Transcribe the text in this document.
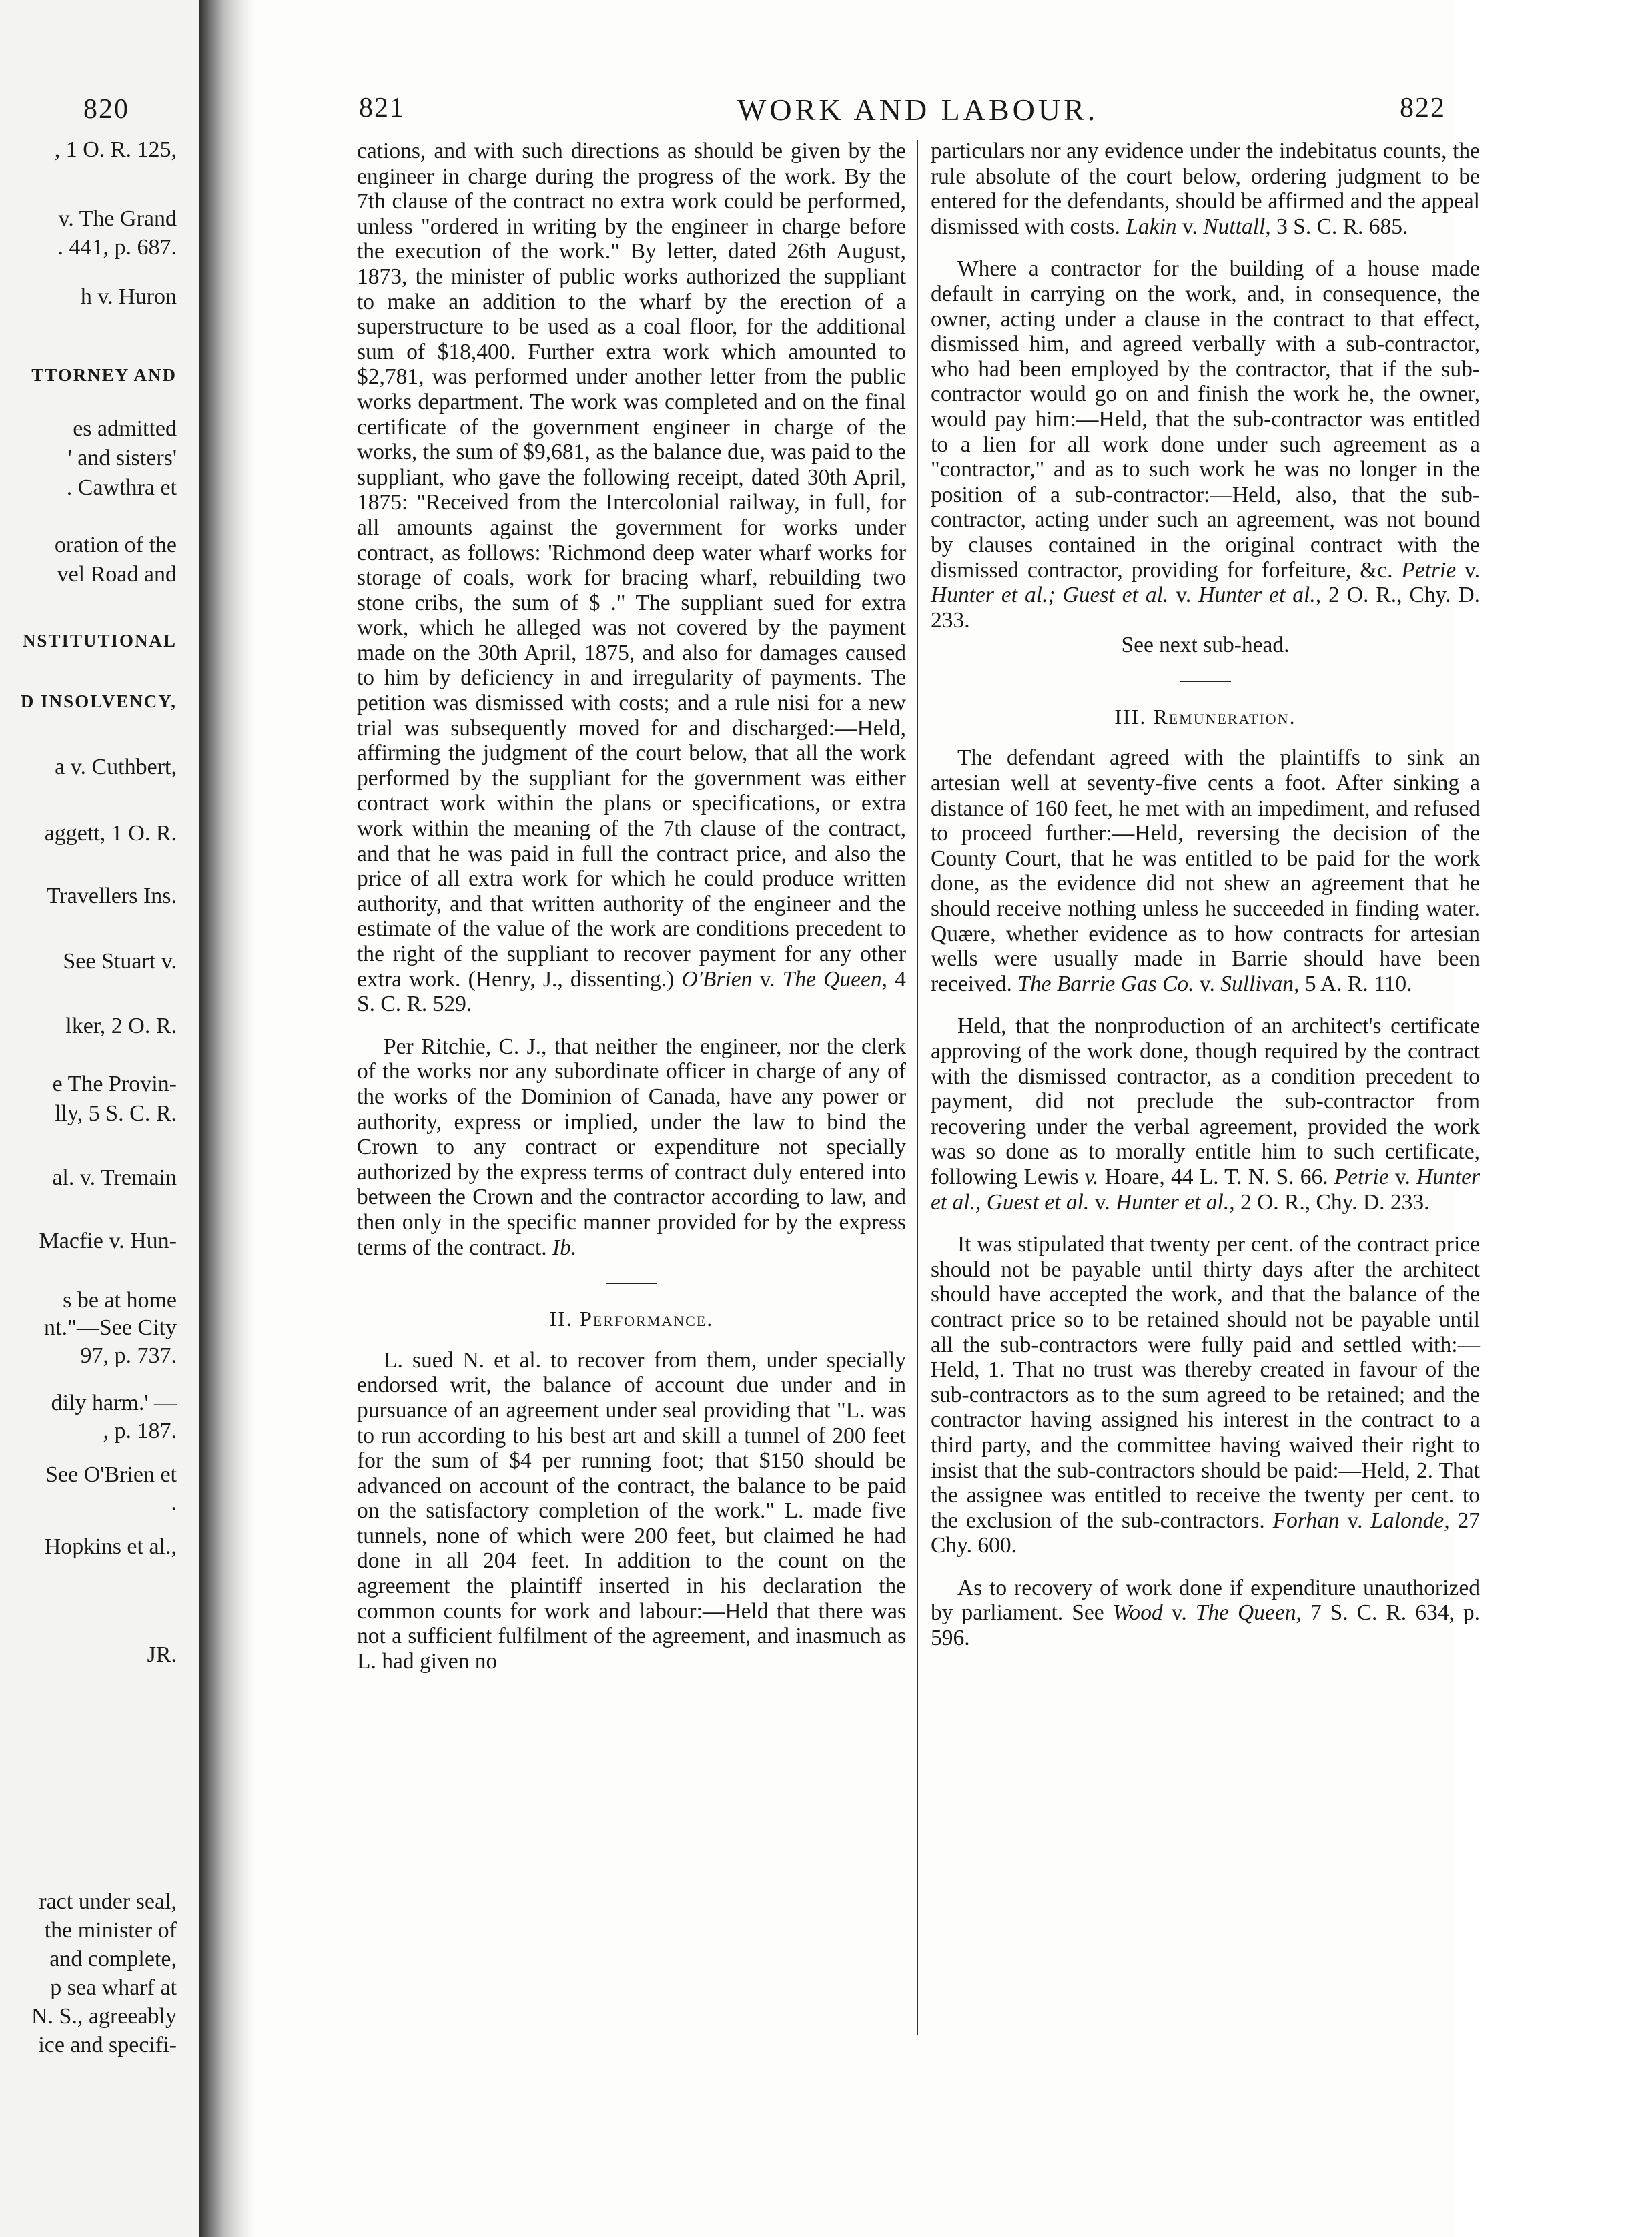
820
, 1 O. R. 125,
v. The Grand
. 441, p. 687.
h v. Huron
TTORNEY AND
es admitted
' and sisters'
. Cawthra et
oration of the
vel Road and
NSTITUTIONAL
D INSOLVENCY,
a v. Cuthbert,
aggett, 1 O. R.
Travellers Ins.
See Stuart v.
lker, 2 O. R.
e The Provin-
lly, 5 S. C. R.
al. v. Tremain
Macfie v. Hun-
s be at home
nt."—See City
97, p. 737.
dily harm.' —
, p. 187.
See O'Brien et
.
Hopkins et al.,
JR.
ract under seal,
the minister of
and complete,
p sea wharf at
N. S., agreeably
ice and specifi-
821	WORK AND LABOUR.	822

cations, and with such directions as should be given by the engineer in charge during the progress of the work. By the 7th clause of the contract no extra work could be performed, unless "ordered in writing by the engineer in charge before the execution of the work." By letter, dated 26th August, 1873, the minister of public works authorized the suppliant to make an addition to the wharf by the erection of a superstructure to be used as a coal floor, for the additional sum of $18,400. Further extra work which amounted to $2,781, was performed under another letter from the public works department. The work was completed and on the final certificate of the government engineer in charge of the works, the sum of $9,681, as the balance due, was paid to the suppliant, who gave the following receipt, dated 30th April, 1875: "Received from the Intercolonial railway, in full, for all amounts against the government for works under contract, as follows: 'Richmond deep water wharf works for storage of coals, work for bracing wharf, rebuilding two stone cribs, the sum of $ ." The suppliant sued for extra work, which he alleged was not covered by the payment made on the 30th April, 1875, and also for damages caused to him by deficiency in and irregularity of payments. The petition was dismissed with costs; and a rule nisi for a new trial was subsequently moved for and discharged:—Held, affirming the judgment of the court below, that all the work performed by the suppliant for the government was either contract work within the plans or specifications, or extra work within the meaning of the 7th clause of the contract, and that he was paid in full the contract price, and also the price of all extra work for which he could produce written authority, and that written authority of the engineer and the estimate of the value of the work are conditions precedent to the right of the suppliant to recover payment for any other extra work. (Henry, J., dissenting.) O'Brien v. The Queen, 4 S. C. R. 529.

Per Ritchie, C. J., that neither the engineer, nor the clerk of the works nor any subordinate officer in charge of any of the works of the Dominion of Canada, have any power or authority, express or implied, under the law to bind the Crown to any contract or expenditure not specially authorized by the express terms of contract duly entered into between the Crown and the contractor according to law, and then only in the specific manner provided for by the express terms of the contract. Ib.

II. Performance.

L. sued N. et al. to recover from them, under specially endorsed writ, the balance of account due under and in pursuance of an agreement under seal providing that "L. was to run according to his best art and skill a tunnel of 200 feet for the sum of $4 per running foot; that $150 should be advanced on account of the contract, the balance to be paid on the satisfactory completion of the work." L. made five tunnels, none of which were 200 feet, but claimed he had done in all 204 feet. In addition to the count on the agreement the plaintiff inserted in his declaration the common counts for work and labour:—Held that there was not a sufficient fulfilment of the agreement, and inasmuch as L. had given no

particulars nor any evidence under the indebitatus counts, the rule absolute of the court below, ordering judgment to be entered for the defendants, should be affirmed and the appeal dismissed with costs. Lakin v. Nuttall, 3 S. C. R. 685.

Where a contractor for the building of a house made default in carrying on the work, and, in consequence, the owner, acting under a clause in the contract to that effect, dismissed him, and agreed verbally with a sub-contractor, who had been employed by the contractor, that if the sub-contractor would go on and finish the work he, the owner, would pay him:—Held, that the sub-contractor was entitled to a lien for all work done under such agreement as a "contractor," and as to such work he was no longer in the position of a sub-contractor:—Held, also, that the sub-contractor, acting under such an agreement, was not bound by clauses contained in the original contract with the dismissed contractor, providing for forfeiture, &c. Petrie v. Hunter et al.; Guest et al. v. Hunter et al., 2 O. R., Chy. D. 233.

See next sub-head.

III. Remuneration.

The defendant agreed with the plaintiffs to sink an artesian well at seventy-five cents a foot. After sinking a distance of 160 feet, he met with an impediment, and refused to proceed further:—Held, reversing the decision of the County Court, that he was entitled to be paid for the work done, as the evidence did not shew an agreement that he should receive nothing unless he succeeded in finding water. Quære, whether evidence as to how contracts for artesian wells were usually made in Barrie should have been received. The Barrie Gas Co. v. Sullivan, 5 A. R. 110.

Held, that the nonproduction of an architect's certificate approving of the work done, though required by the contract with the dismissed contractor, as a condition precedent to payment, did not preclude the sub-contractor from recovering under the verbal agreement, provided the work was so done as to morally entitle him to such certificate, following Lewis v. Hoare, 44 L. T. N. S. 66. Petrie v. Hunter et al., Guest et al. v. Hunter et al., 2 O. R., Chy. D. 233.

It was stipulated that twenty per cent. of the contract price should not be payable until thirty days after the architect should have accepted the work, and that the balance of the contract price so to be retained should not be payable until all the sub-contractors were fully paid and settled with:—Held, 1. That no trust was thereby created in favour of the sub-contractors as to the sum agreed to be retained; and the contractor having assigned his interest in the contract to a third party, and the committee having waived their right to insist that the sub-contractors should be paid:—Held, 2. That the assignee was entitled to receive the twenty per cent. to the exclusion of the sub-contractors. Forhan v. Lalonde, 27 Chy. 600.

As to recovery of work done if expenditure unauthorized by parliament. See Wood v. The Queen, 7 S. C. R. 634, p. 596.
